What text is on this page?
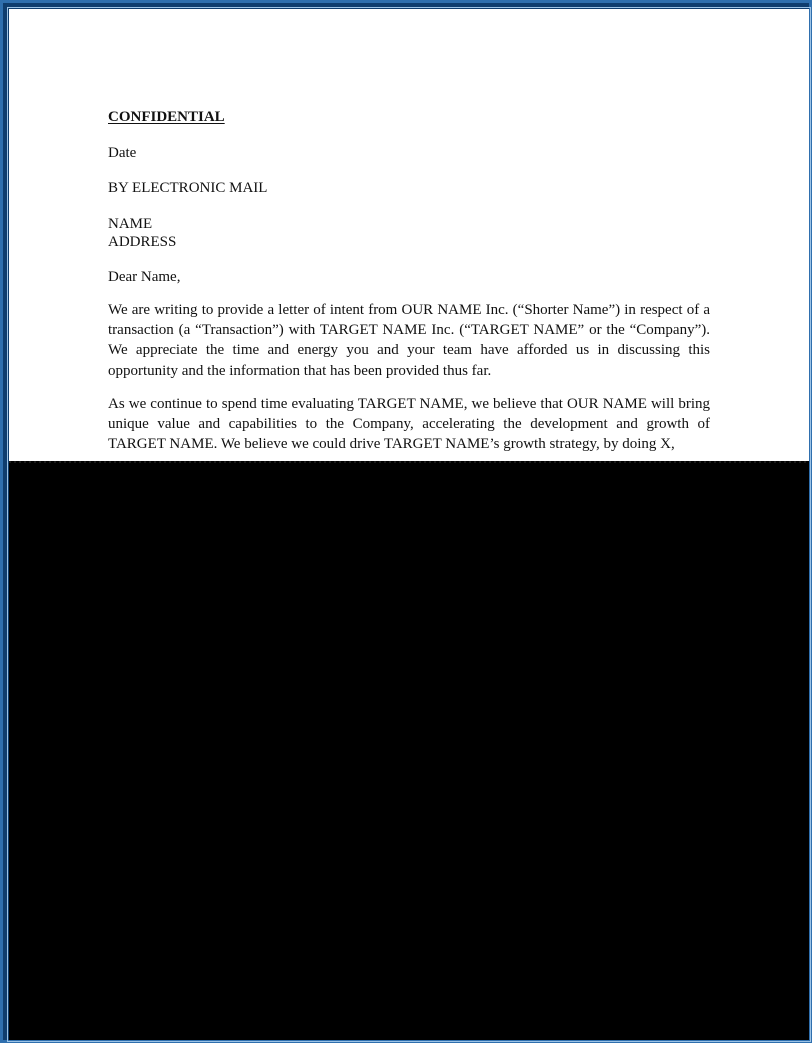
CONFIDENTIAL
Date
BY ELECTRONIC MAIL
NAME
ADDRESS
Dear Name,
We are writing to provide a letter of intent from OUR NAME Inc. (“Shorter Name”) in respect of a transaction (a “Transaction”) with TARGET NAME Inc. (“TARGET NAME” or the “Company”). We appreciate the time and energy you and your team have afforded us in discussing this opportunity and the information that has been provided thus far.
As we continue to spend time evaluating TARGET NAME, we believe that OUR NAME will bring unique value and capabilities to the Company, accelerating the development and growth of TARGET NAME. We believe we could drive TARGET NAME’s growth strategy, by doing X,
